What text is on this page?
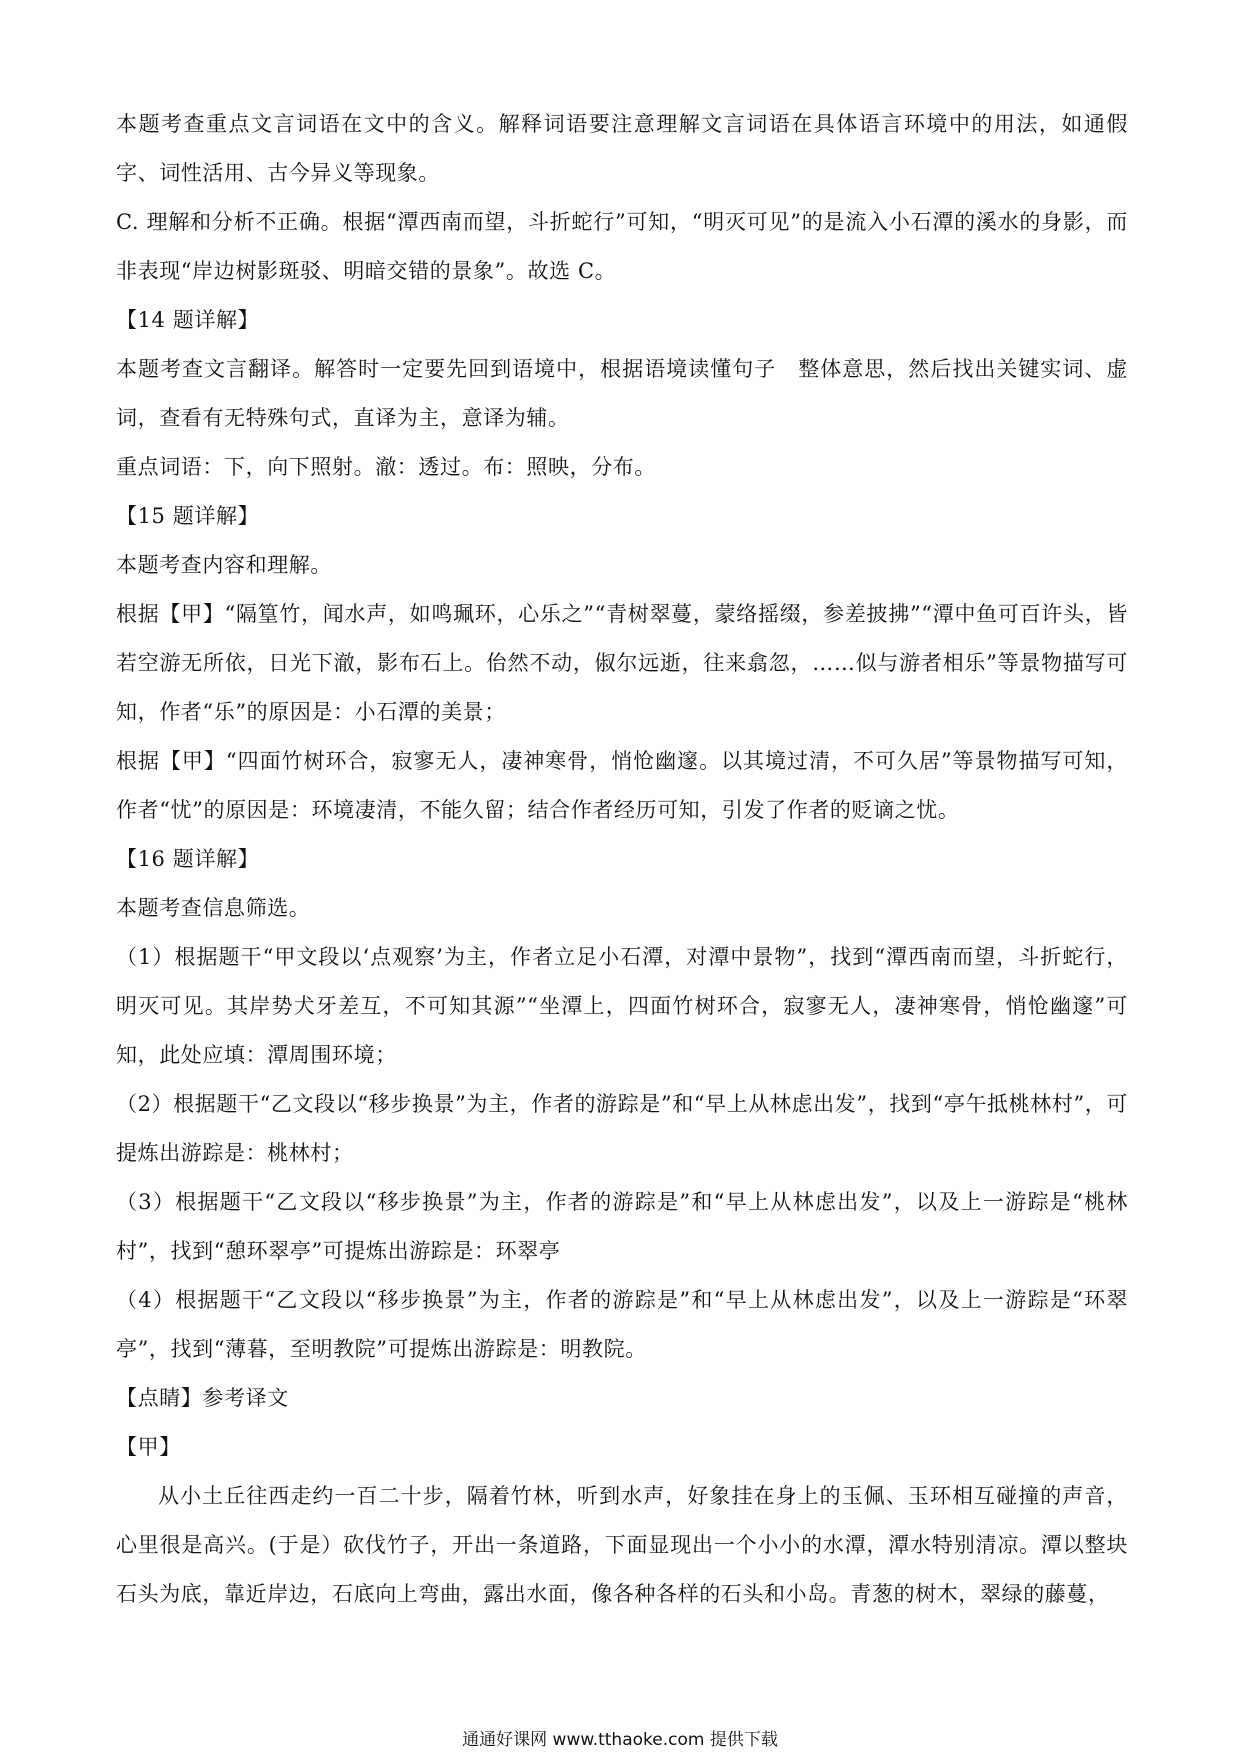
本题考查重点文言词语在文中的含义。解释词语要注意理解文言词语在具体语言环境中的用法，如通假字、词性活用、古今异义等现象。

C. 理解和分析不正确。根据“潭西南而望，斗折蛇行”可知，“明灭可见”的是流入小石潭的溪水的身影，而非表现“岸边树影斑驳、明暗交错的景象”。故选 C。

【14 题详解】

本题考查文言翻译。解答时一定要先回到语境中，根据语境读懂句子　整体意思，然后找出关键实词、虚词，查看有无特殊句式，直译为主，意译为辅。

重点词语：下，向下照射。澈：透过。布：照映，分布。

【15 题详解】

本题考查内容和理解。

根据【甲】“隔篁竹，闻水声，如鸣珮环，心乐之”“青树翠蔓，蒙络摇缀，参差披拂”“潭中鱼可百许头，皆若空游无所依，日光下澈，影布石上。佁然不动，俶尔远逝，往来翕忽，……似与游者相乐”等景物描写可知，作者“乐”的原因是：小石潭的美景；

根据【甲】“四面竹树环合，寂寥无人，凄神寒骨，悄怆幽邃。以其境过清，不可久居”等景物描写可知，作者“忧”的原因是：环境凄清，不能久留；结合作者经历可知，引发了作者的贬谪之忧。

【16 题详解】

本题考查信息筛选。

（1）根据题干“甲文段以‘点观察’为主，作者立足小石潭，对潭中景物”，找到“潭西南而望，斗折蛇行，明灭可见。其岸势犬牙差互，不可知其源”“坐潭上，四面竹树环合，寂寥无人，凄神寒骨，悄怆幽邃”可知，此处应填：潭周围环境；

（2）根据题干“乙文段以“移步换景”为主，作者的游踪是”和“早上从林虑出发”，找到“亭午抵桃林村”，可提炼出游踪是：桃林村；

（3）根据题干“乙文段以“移步换景”为主，作者的游踪是”和“早上从林虑出发”，以及上一游踪是“桃林村”，找到“憩环翠亭”可提炼出游踪是：环翠亭

（4）根据题干“乙文段以“移步换景”为主，作者的游踪是”和“早上从林虑出发”，以及上一游踪是“环翠亭”，找到“薄暮，至明教院”可提炼出游踪是：明教院。

【点睛】参考译文

【甲】

从小土丘往西走约一百二十步，隔着竹林，听到水声，好象挂在身上的玉佩、玉环相互碰撞的声音，心里很是高兴。(于是）砍伐竹子，开出一条道路，下面显现出一个小小的水潭，潭水特别清凉。潭以整块石头为底，靠近岸边，石底向上弯曲，露出水面，像各种各样的石头和小岛。青葱的树木，翠绿的藤蔓，

通通好课网 www.tthaoke.com 提供下载
